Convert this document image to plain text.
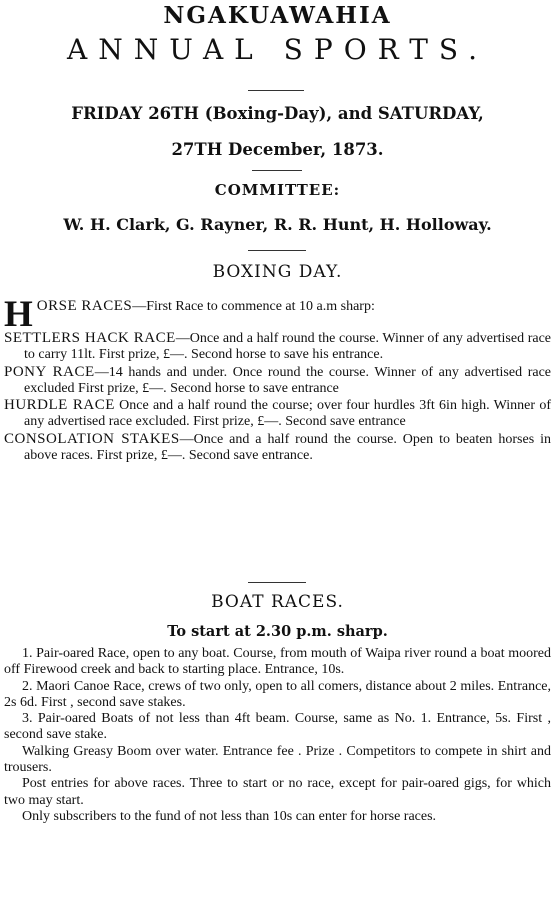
NGAKUAWAHIA
ANNUAL SPORTS.
FRIDAY 26TH (Boxing-Day), and SATURDAY,
27TH December, 1873.
COMMITTEE:
W. H. Clark, G. Rayner, R. R. Hunt, H. Holloway.
BOXING DAY.

HORSE RACES—First Race to commence at 10 a.m sharp:

SETTLERS HACK RACE—Once and a half round the course. Winner of any advertised race to carry 11lt. First prize, £—. Second horse to save his entrance.

PONY RACE—14 hands and under. Once round the course. Winner of any advertised race excluded First prize, £—. Second horse to save entrance

HURDLE RACE Once and a half round the course; over four hurdles 3ft 6in high. Winner of any advertised race excluded. First prize, £—. Second save entrance

CONSOLATION STAKES—Once and a half round the course. Open to beaten horses in above races. First prize, £—. Second save entrance.

BOAT RACES.
To start at 2.30 p.m. sharp.

1. Pair-oared Race, open to any boat. Course, from mouth of Waipa river round a boat moored off Firewood creek and back to starting place. Entrance, 10s.

2. Maori Canoe Race, crews of two only, open to all comers, distance about 2 miles. Entrance, 2s 6d. First , second save stakes.

3. Pair-oared Boats of not less than 4ft beam. Course, same as No. 1. Entrance, 5s. First , second save stake.

Walking Greasy Boom over water. Entrance fee . Prize . Competitors to compete in shirt and trousers.

Post entries for above races. Three to start or no race, except for pair-oared gigs, for which two may start.

Only subscribers to the fund of not less than 10s can enter for horse races.
